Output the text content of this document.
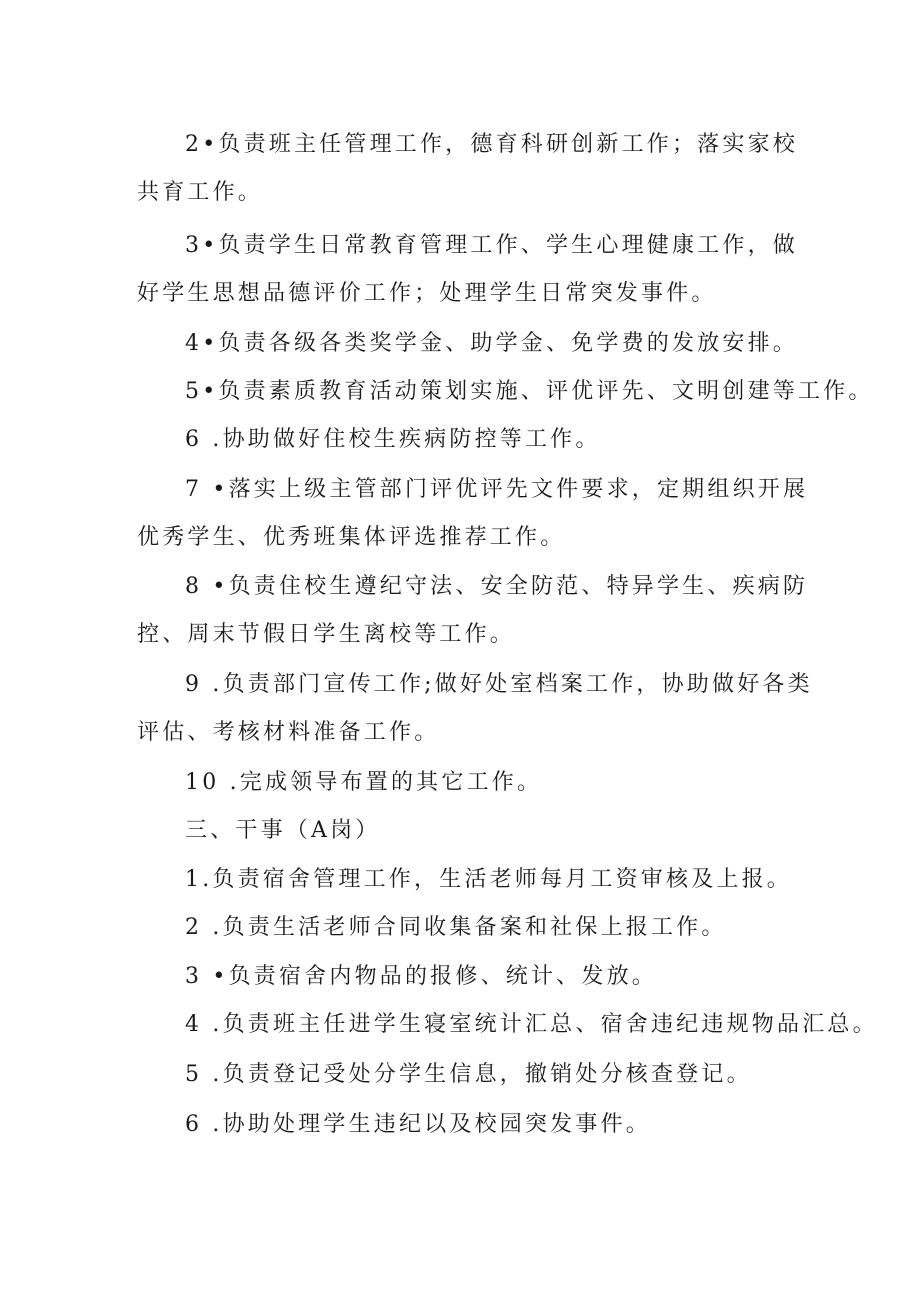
2•负责班主任管理工作，德育科研创新工作；落实家校共育工作。

3•负责学生日常教育管理工作、学生心理健康工作，做好学生思想品德评价工作；处理学生日常突发事件。

4•负责各级各类奖学金、助学金、免学费的发放安排。

5•负责素质教育活动策划实施、评优评先、文明创建等工作。

6 .协助做好住校生疾病防控等工作。

7 •落实上级主管部门评优评先文件要求，定期组织开展优秀学生、优秀班集体评选推荐工作。

8 •负责住校生遵纪守法、安全防范、特异学生、疾病防控、周末节假日学生离校等工作。

9 .负责部门宣传工作;做好处室档案工作，协助做好各类评估、考核材料准备工作。

10 .完成领导布置的其它工作。

三、干事（A岗）

1.负责宿舍管理工作，生活老师每月工资审核及上报。

2 .负责生活老师合同收集备案和社保上报工作。

3 •负责宿舍内物品的报修、统计、发放。

4 .负责班主任进学生寝室统计汇总、宿舍违纪违规物品汇总。

5 .负责登记受处分学生信息，撤销处分核查登记。

6 .协助处理学生违纪以及校园突发事件。
